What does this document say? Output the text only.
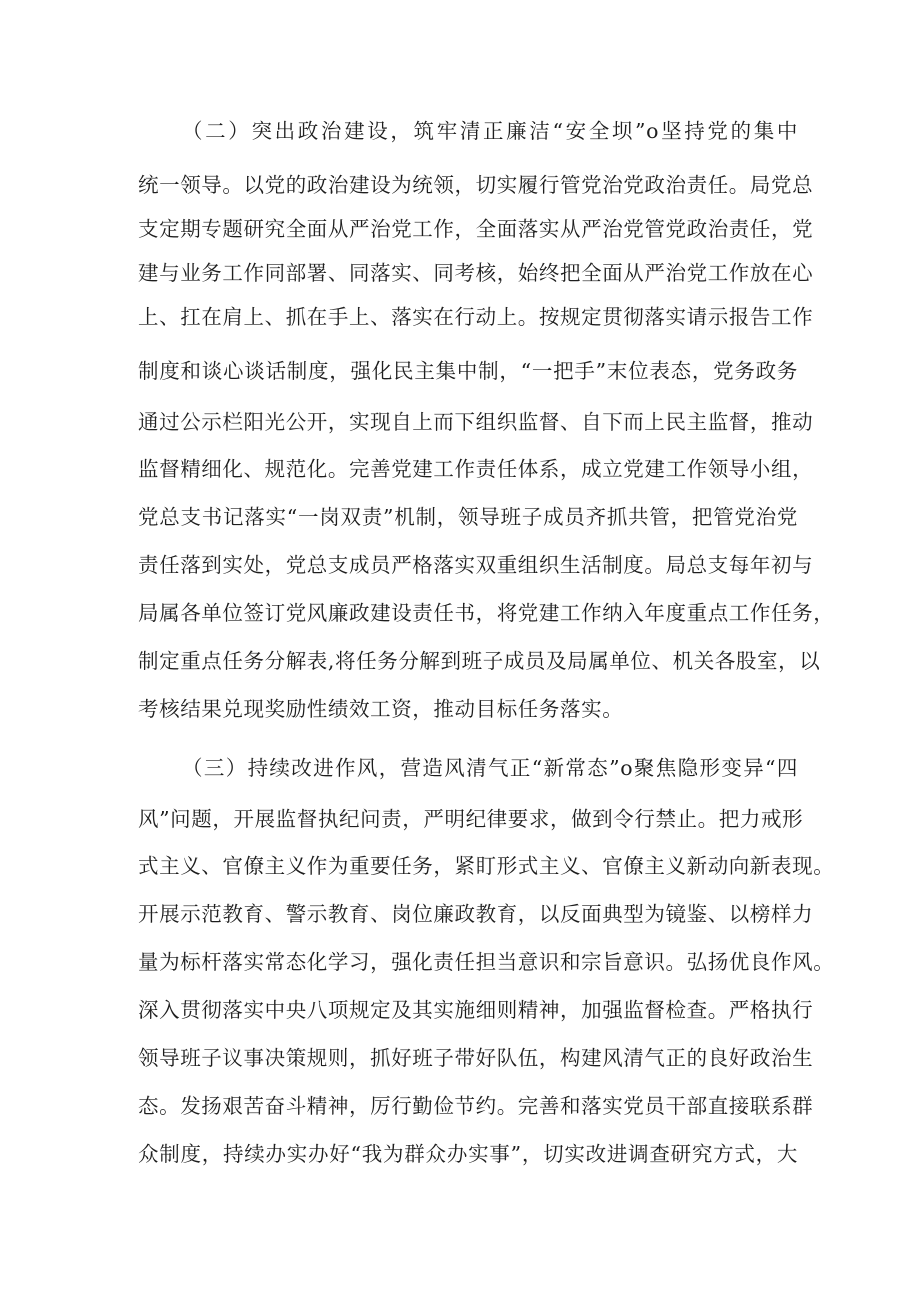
（二）突出政治建设，筑牢清正廉洁“安全坝”o坚持党的集中
统一领导。以党的政治建设为统领，切实履行管党治党政治责任。局党总
支定期专题研究全面从严治党工作，全面落实从严治党管党政治责任，党
建与业务工作同部署、同落实、同考核，始终把全面从严治党工作放在心
上、扛在肩上、抓在手上、落实在行动上。按规定贯彻落实请示报告工作
制度和谈心谈话制度，强化民主集中制，“一把手”末位表态，党务政务
通过公示栏阳光公开，实现自上而下组织监督、自下而上民主监督，推动
监督精细化、规范化。完善党建工作责任体系，成立党建工作领导小组，
党总支书记落实“一岗双责”机制，领导班子成员齐抓共管，把管党治党
责任落到实处，党总支成员严格落实双重组织生活制度。局总支每年初与
局属各单位签订党风廉政建设责任书，将党建工作纳入年度重点工作任务，
制定重点任务分解表,将任务分解到班子成员及局属单位、机关各股室，以
考核结果兑现奖励性绩效工资，推动目标任务落实。
（三）持续改进作风，营造风清气正“新常态”o聚焦隐形变异“四
风”问题，开展监督执纪问责，严明纪律要求，做到令行禁止。把力戒形
式主义、官僚主义作为重要任务，紧盯形式主义、官僚主义新动向新表现。
开展示范教育、警示教育、岗位廉政教育，以反面典型为镜鉴、以榜样力
量为标杆落实常态化学习，强化责任担当意识和宗旨意识。弘扬优良作风。
深入贯彻落实中央八项规定及其实施细则精神，加强监督检查。严格执行
领导班子议事决策规则，抓好班子带好队伍，构建风清气正的良好政治生
态。发扬艰苦奋斗精神，厉行勤俭节约。完善和落实党员干部直接联系群
众制度，持续办实办好“我为群众办实事”，切实改进调查研究方式，大
